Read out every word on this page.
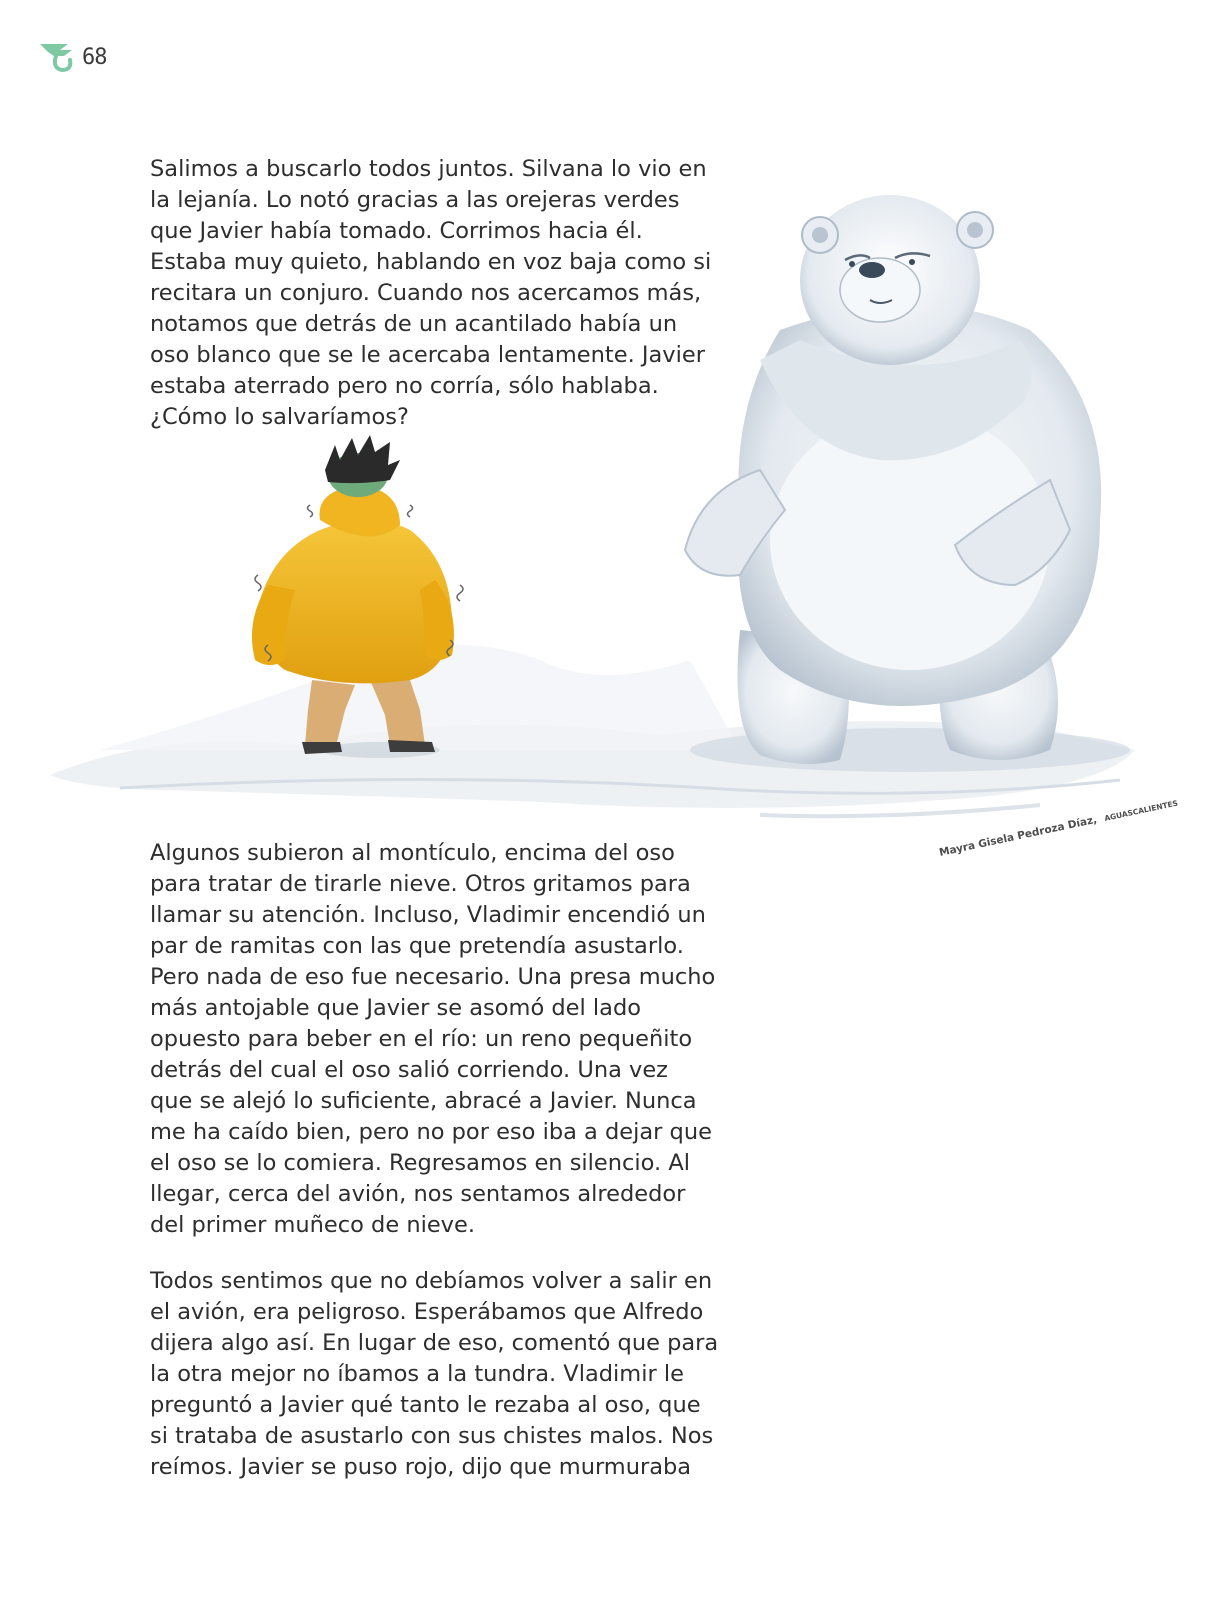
68

Salimos a buscarlo todos juntos. Silvana lo vio en
la lejanía. Lo notó gracias a las orejeras verdes
que Javier había tomado. Corrimos hacia él.
Estaba muy quieto, hablando en voz baja como si
recitara un conjuro. Cuando nos acercamos más,
notamos que detrás de un acantilado había un
oso blanco que se le acercaba lentamente. Javier
estaba aterrado pero no corría, sólo hablaba.
¿Cómo lo salvaríamos?

Mayra Gisela Pedroza Díaz, AGUASCALIENTES

Algunos subieron al montículo, encima del oso
para tratar de tirarle nieve. Otros gritamos para
llamar su atención. Incluso, Vladimir encendió un
par de ramitas con las que pretendía asustarlo.
Pero nada de eso fue necesario. Una presa mucho
más antojable que Javier se asomó del lado
opuesto para beber en el río: un reno pequeñito
detrás del cual el oso salió corriendo. Una vez
que se alejó lo suficiente, abracé a Javier. Nunca
me ha caído bien, pero no por eso iba a dejar que
el oso se lo comiera. Regresamos en silencio. Al
llegar, cerca del avión, nos sentamos alrededor
del primer muñeco de nieve.

Todos sentimos que no debíamos volver a salir en
el avión, era peligroso. Esperábamos que Alfredo
dijera algo así. En lugar de eso, comentó que para
la otra mejor no íbamos a la tundra. Vladimir le
preguntó a Javier qué tanto le rezaba al oso, que
si trataba de asustarlo con sus chistes malos. Nos
reímos. Javier se puso rojo, dijo que murmuraba
